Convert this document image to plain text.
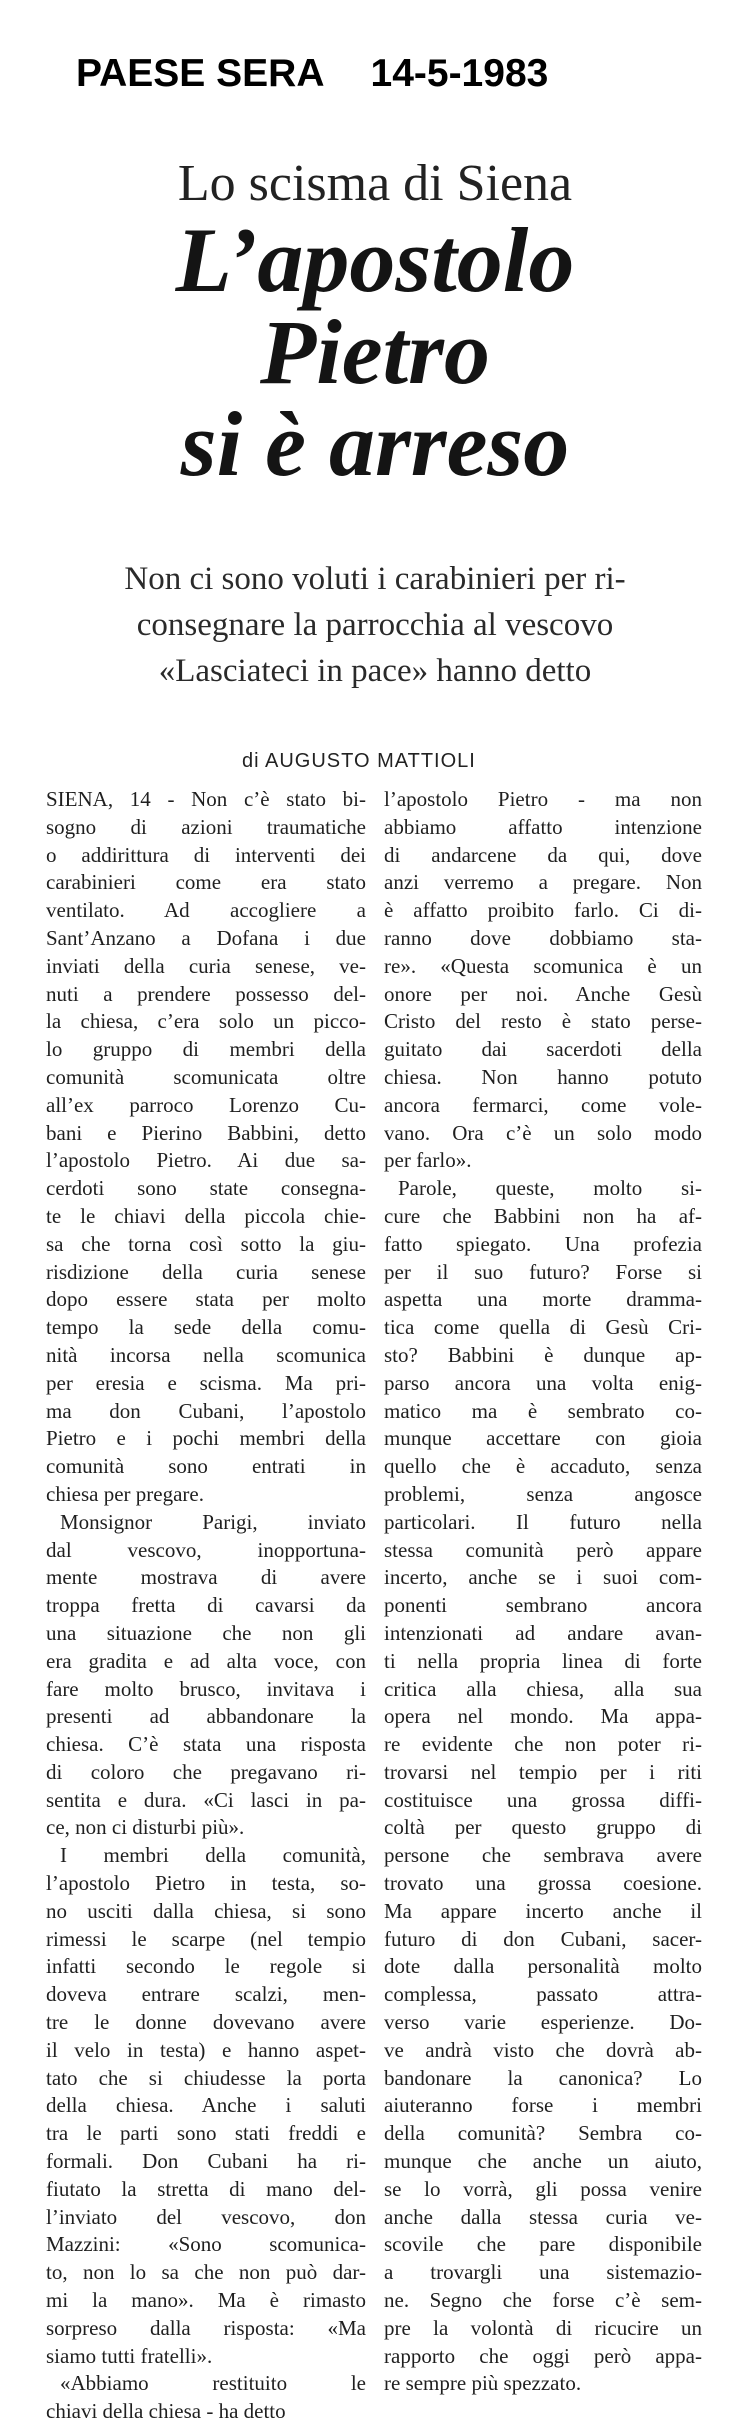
PAESE SERA 14-5-1983
Lo scisma di Siena
L’apostolo
Pietro
si è arreso
Non ci sono voluti i carabinieri per ri-
consegnare la parrocchia al vescovo
«Lasciateci in pace» hanno detto
di AUGUSTO MATTIOLI
SIENA, 14 - Non c’è stato bi-
sogno di azioni traumatiche
o addirittura di interventi dei
carabinieri come era stato
ventilato. Ad accogliere a
Sant’Anzano a Dofana i due
inviati della curia senese, ve-
nuti a prendere possesso del-
la chiesa, c’era solo un picco-
lo gruppo di membri della
comunità scomunicata oltre
all’ex parroco Lorenzo Cu-
bani e Pierino Babbini, detto
l’apostolo Pietro. Ai due sa-
cerdoti sono state consegna-
te le chiavi della piccola chie-
sa che torna così sotto la giu-
risdizione della curia senese
dopo essere stata per molto
tempo la sede della comu-
nità incorsa nella scomunica
per eresia e scisma. Ma pri-
ma don Cubani, l’apostolo
Pietro e i pochi membri della
comunità sono entrati in
chiesa per pregare.
Monsignor Parigi, inviato
dal vescovo, inopportuna-
mente mostrava di avere
troppa fretta di cavarsi da
una situazione che non gli
era gradita e ad alta voce, con
fare molto brusco, invitava i
presenti ad abbandonare la
chiesa. C’è stata una risposta
di coloro che pregavano ri-
sentita e dura. «Ci lasci in pa-
ce, non ci disturbi più».
I membri della comunità,
l’apostolo Pietro in testa, so-
no usciti dalla chiesa, si sono
rimessi le scarpe (nel tempio
infatti secondo le regole si
doveva entrare scalzi, men-
tre le donne dovevano avere
il velo in testa) e hanno aspet-
tato che si chiudesse la porta
della chiesa. Anche i saluti
tra le parti sono stati freddi e
formali. Don Cubani ha ri-
fiutato la stretta di mano del-
l’inviato del vescovo, don
Mazzini: «Sono scomunica-
to, non lo sa che non può dar-
mi la mano». Ma è rimasto
sorpreso dalla risposta: «Ma
siamo tutti fratelli».
«Abbiamo restituito le
chiavi della chiesa - ha detto
l’apostolo Pietro - ma non
abbiamo affatto intenzione
di andarcene da qui, dove
anzi verremo a pregare. Non
è affatto proibito farlo. Ci di-
ranno dove dobbiamo sta-
re». «Questa scomunica è un
onore per noi. Anche Gesù
Cristo del resto è stato perse-
guitato dai sacerdoti della
chiesa. Non hanno potuto
ancora fermarci, come vole-
vano. Ora c’è un solo modo
per farlo».
Parole, queste, molto si-
cure che Babbini non ha af-
fatto spiegato. Una profezia
per il suo futuro? Forse si
aspetta una morte dramma-
tica come quella di Gesù Cri-
sto? Babbini è dunque ap-
parso ancora una volta enig-
matico ma è sembrato co-
munque accettare con gioia
quello che è accaduto, senza
problemi, senza angosce
particolari. Il futuro nella
stessa comunità però appare
incerto, anche se i suoi com-
ponenti sembrano ancora
intenzionati ad andare avan-
ti nella propria linea di forte
critica alla chiesa, alla sua
opera nel mondo. Ma appa-
re evidente che non poter ri-
trovarsi nel tempio per i riti
costituisce una grossa diffi-
coltà per questo gruppo di
persone che sembrava avere
trovato una grossa coesione.
Ma appare incerto anche il
futuro di don Cubani, sacer-
dote dalla personalità molto
complessa, passato attra-
verso varie esperienze. Do-
ve andrà visto che dovrà ab-
bandonare la canonica? Lo
aiuteranno forse i membri
della comunità? Sembra co-
munque che anche un aiuto,
se lo vorrà, gli possa venire
anche dalla stessa curia ve-
scovile che pare disponibile
a trovargli una sistemazio-
ne. Segno che forse c’è sem-
pre la volontà di ricucire un
rapporto che oggi però appa-
re sempre più spezzato.
